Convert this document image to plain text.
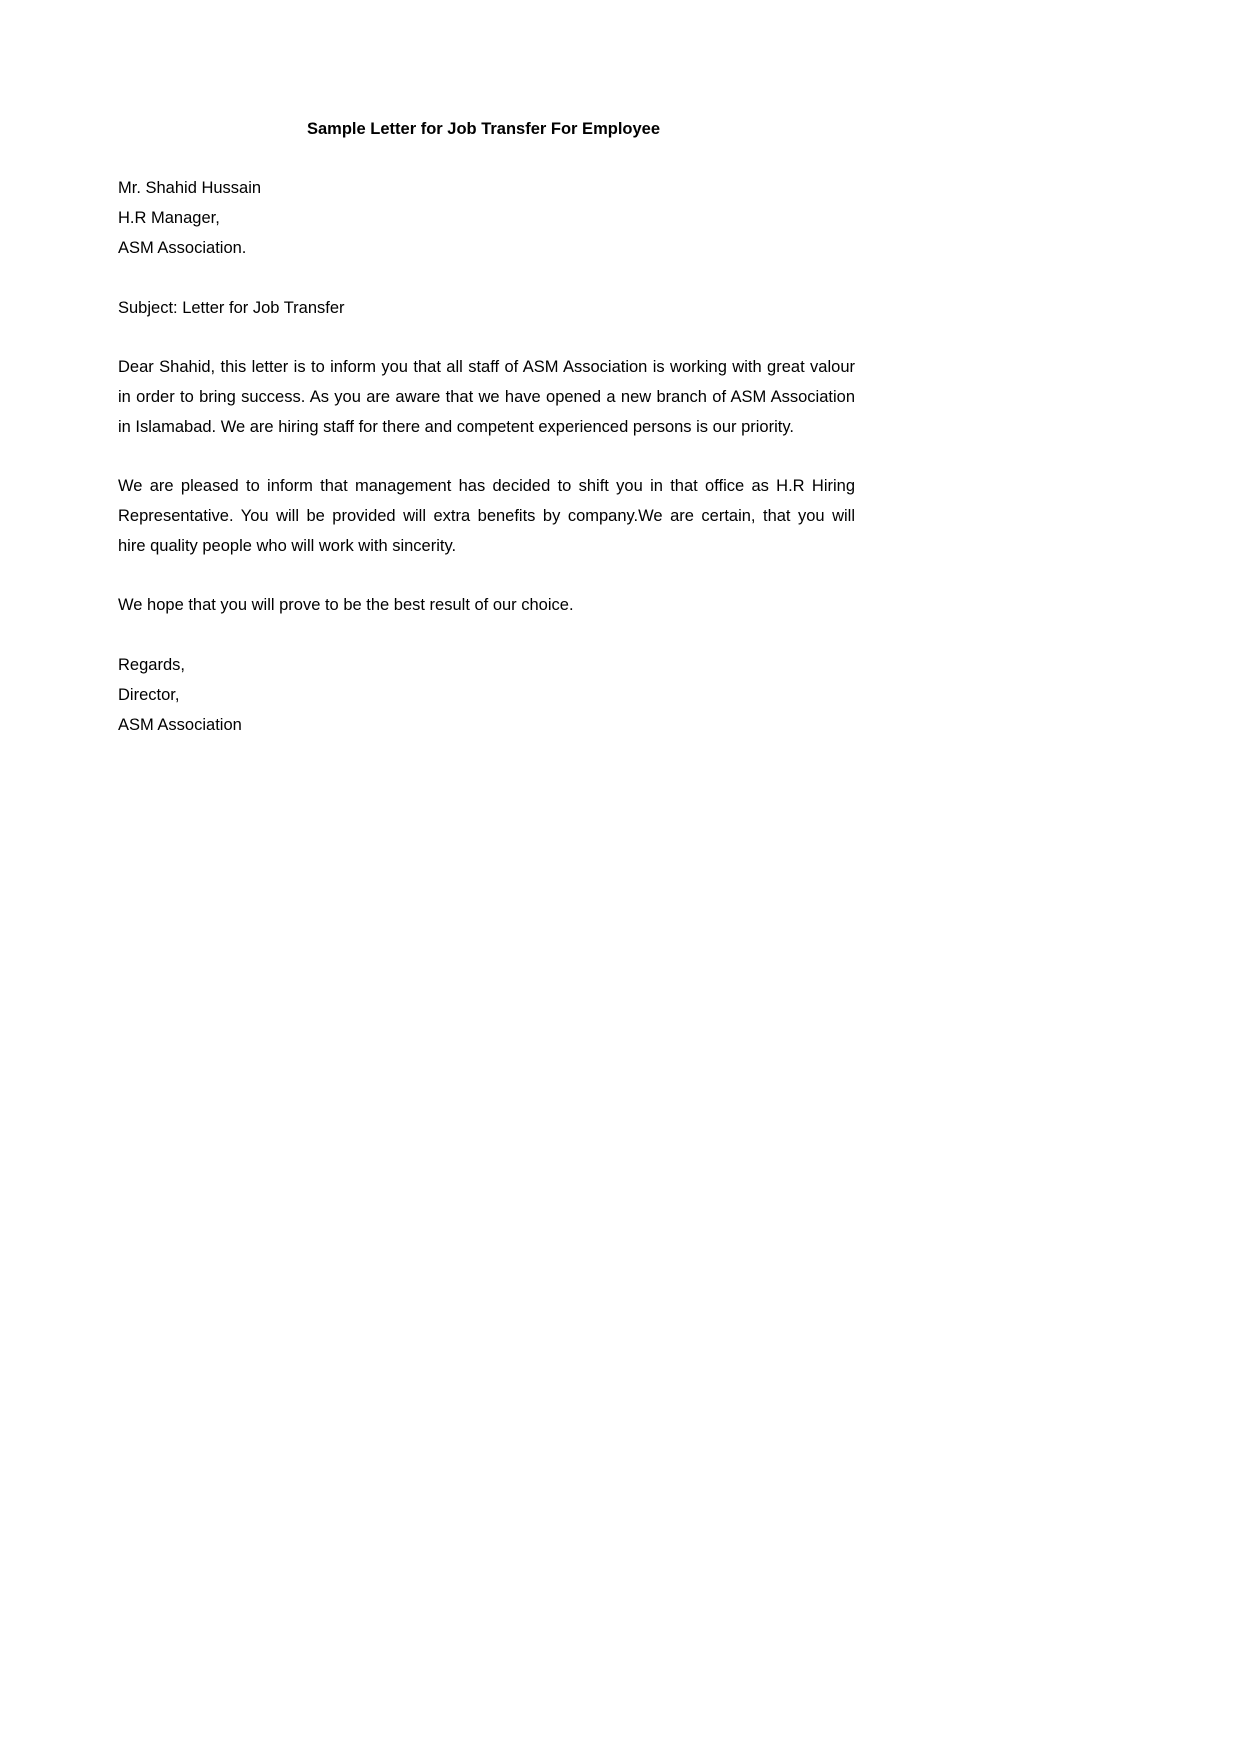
Sample Letter for Job Transfer For Employee
Mr. Shahid Hussain
H.R Manager,
ASM Association.
Subject: Letter for Job Transfer
Dear Shahid, this letter is to inform you that all staff of ASM Association is working with great valour
in order to bring success. As you are aware that we have opened a new branch of ASM Association
in Islamabad. We are hiring staff for there and competent experienced persons is our priority.
We are pleased to inform that management has decided to shift you in that office as H.R Hiring
Representative. You will be provided will extra benefits by company.We are certain, that you will
hire quality people who will work with sincerity.
We hope that you will prove to be the best result of our choice.
Regards,
Director,
ASM Association
